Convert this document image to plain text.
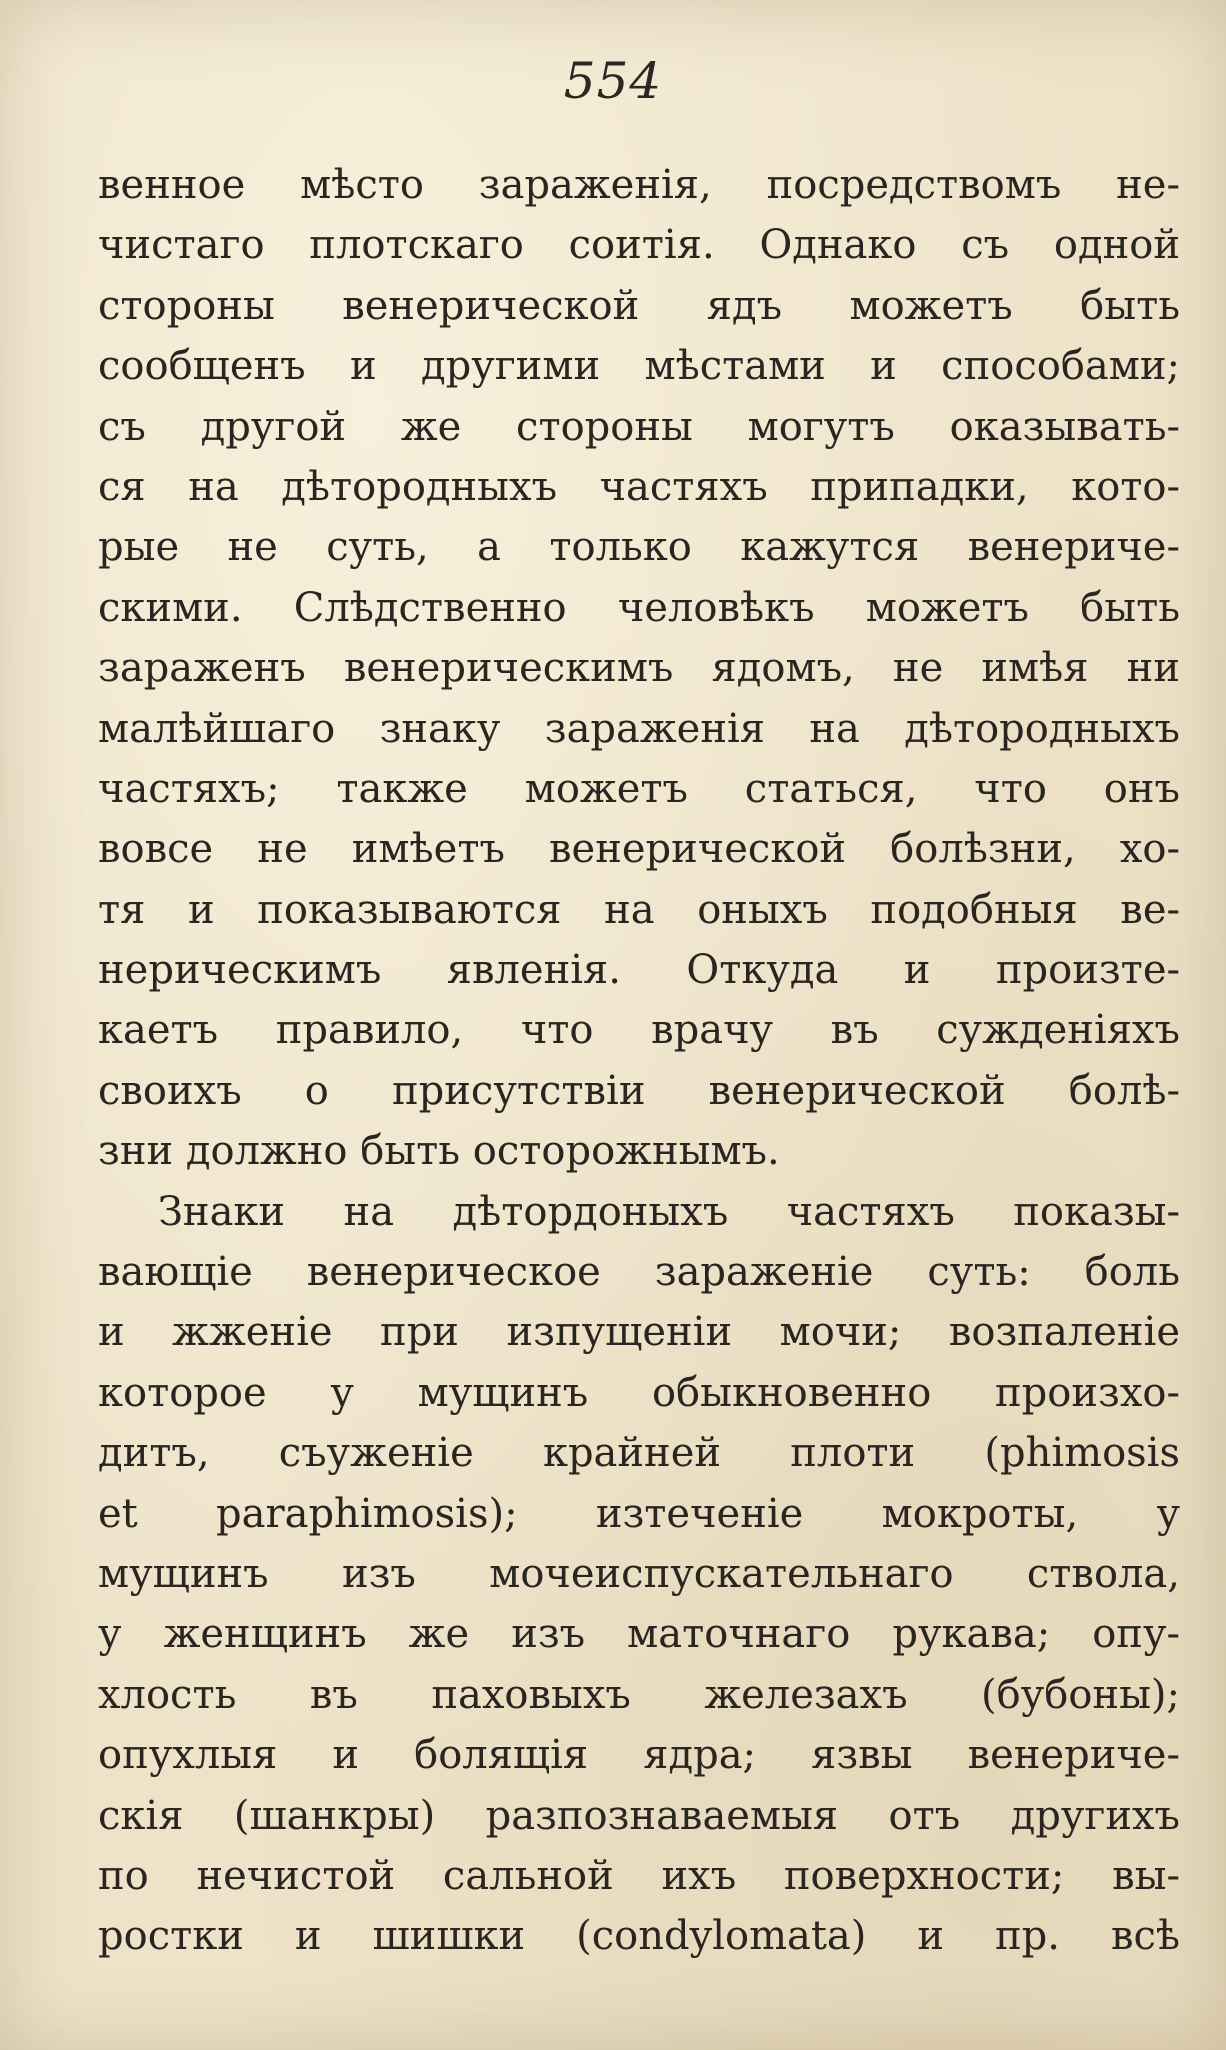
554
венное мѣсто зараженія, посредствомъ не-
чистаго плотскаго соитія. Однако съ одной
стороны венерической ядъ можетъ быть
сообщенъ и другими мѣстами и способами;
съ другой же стороны могутъ оказывать-
ся на дѣтородныхъ частяхъ припадки, кото-
рые не суть, а только кажутся венериче-
скими. Слѣдственно человѣкъ можетъ быть
зараженъ венерическимъ ядомъ, не имѣя ни
малѣйшаго знаку зараженія на дѣтородныхъ
частяхъ; также можетъ статься, что онъ
вовсе не имѣетъ венерической болѣзни, хо-
тя и показываются на оныхъ подобныя ве-
нерическимъ явленія. Откуда и произте-
каетъ правило, что врачу въ сужденіяхъ
своихъ о присутствіи венерической болѣ-
зни должно быть осторожнымъ.
Знаки на дѣтордоныхъ частяхъ показы-
вающіе венерическое зараженіе суть: боль
и жженіе при изпущеніи мочи; возпаленіе
которое у мущинъ обыкновенно произхо-
дитъ, съуженіе крайней плоти (phimosis
et paraphimosis); изтеченіе мокроты, у
мущинъ изъ мочеиспускательнаго ствола,
у женщинъ же изъ маточнаго рукава; опу-
хлость въ паховыхъ железахъ (бубоны);
опухлыя и болящія ядра; язвы венериче-
скія (шанкры) разпознаваемыя отъ другихъ
по нечистой сальной ихъ поверхности; вы-
ростки и шишки (condylomata) и пр. всѣ
